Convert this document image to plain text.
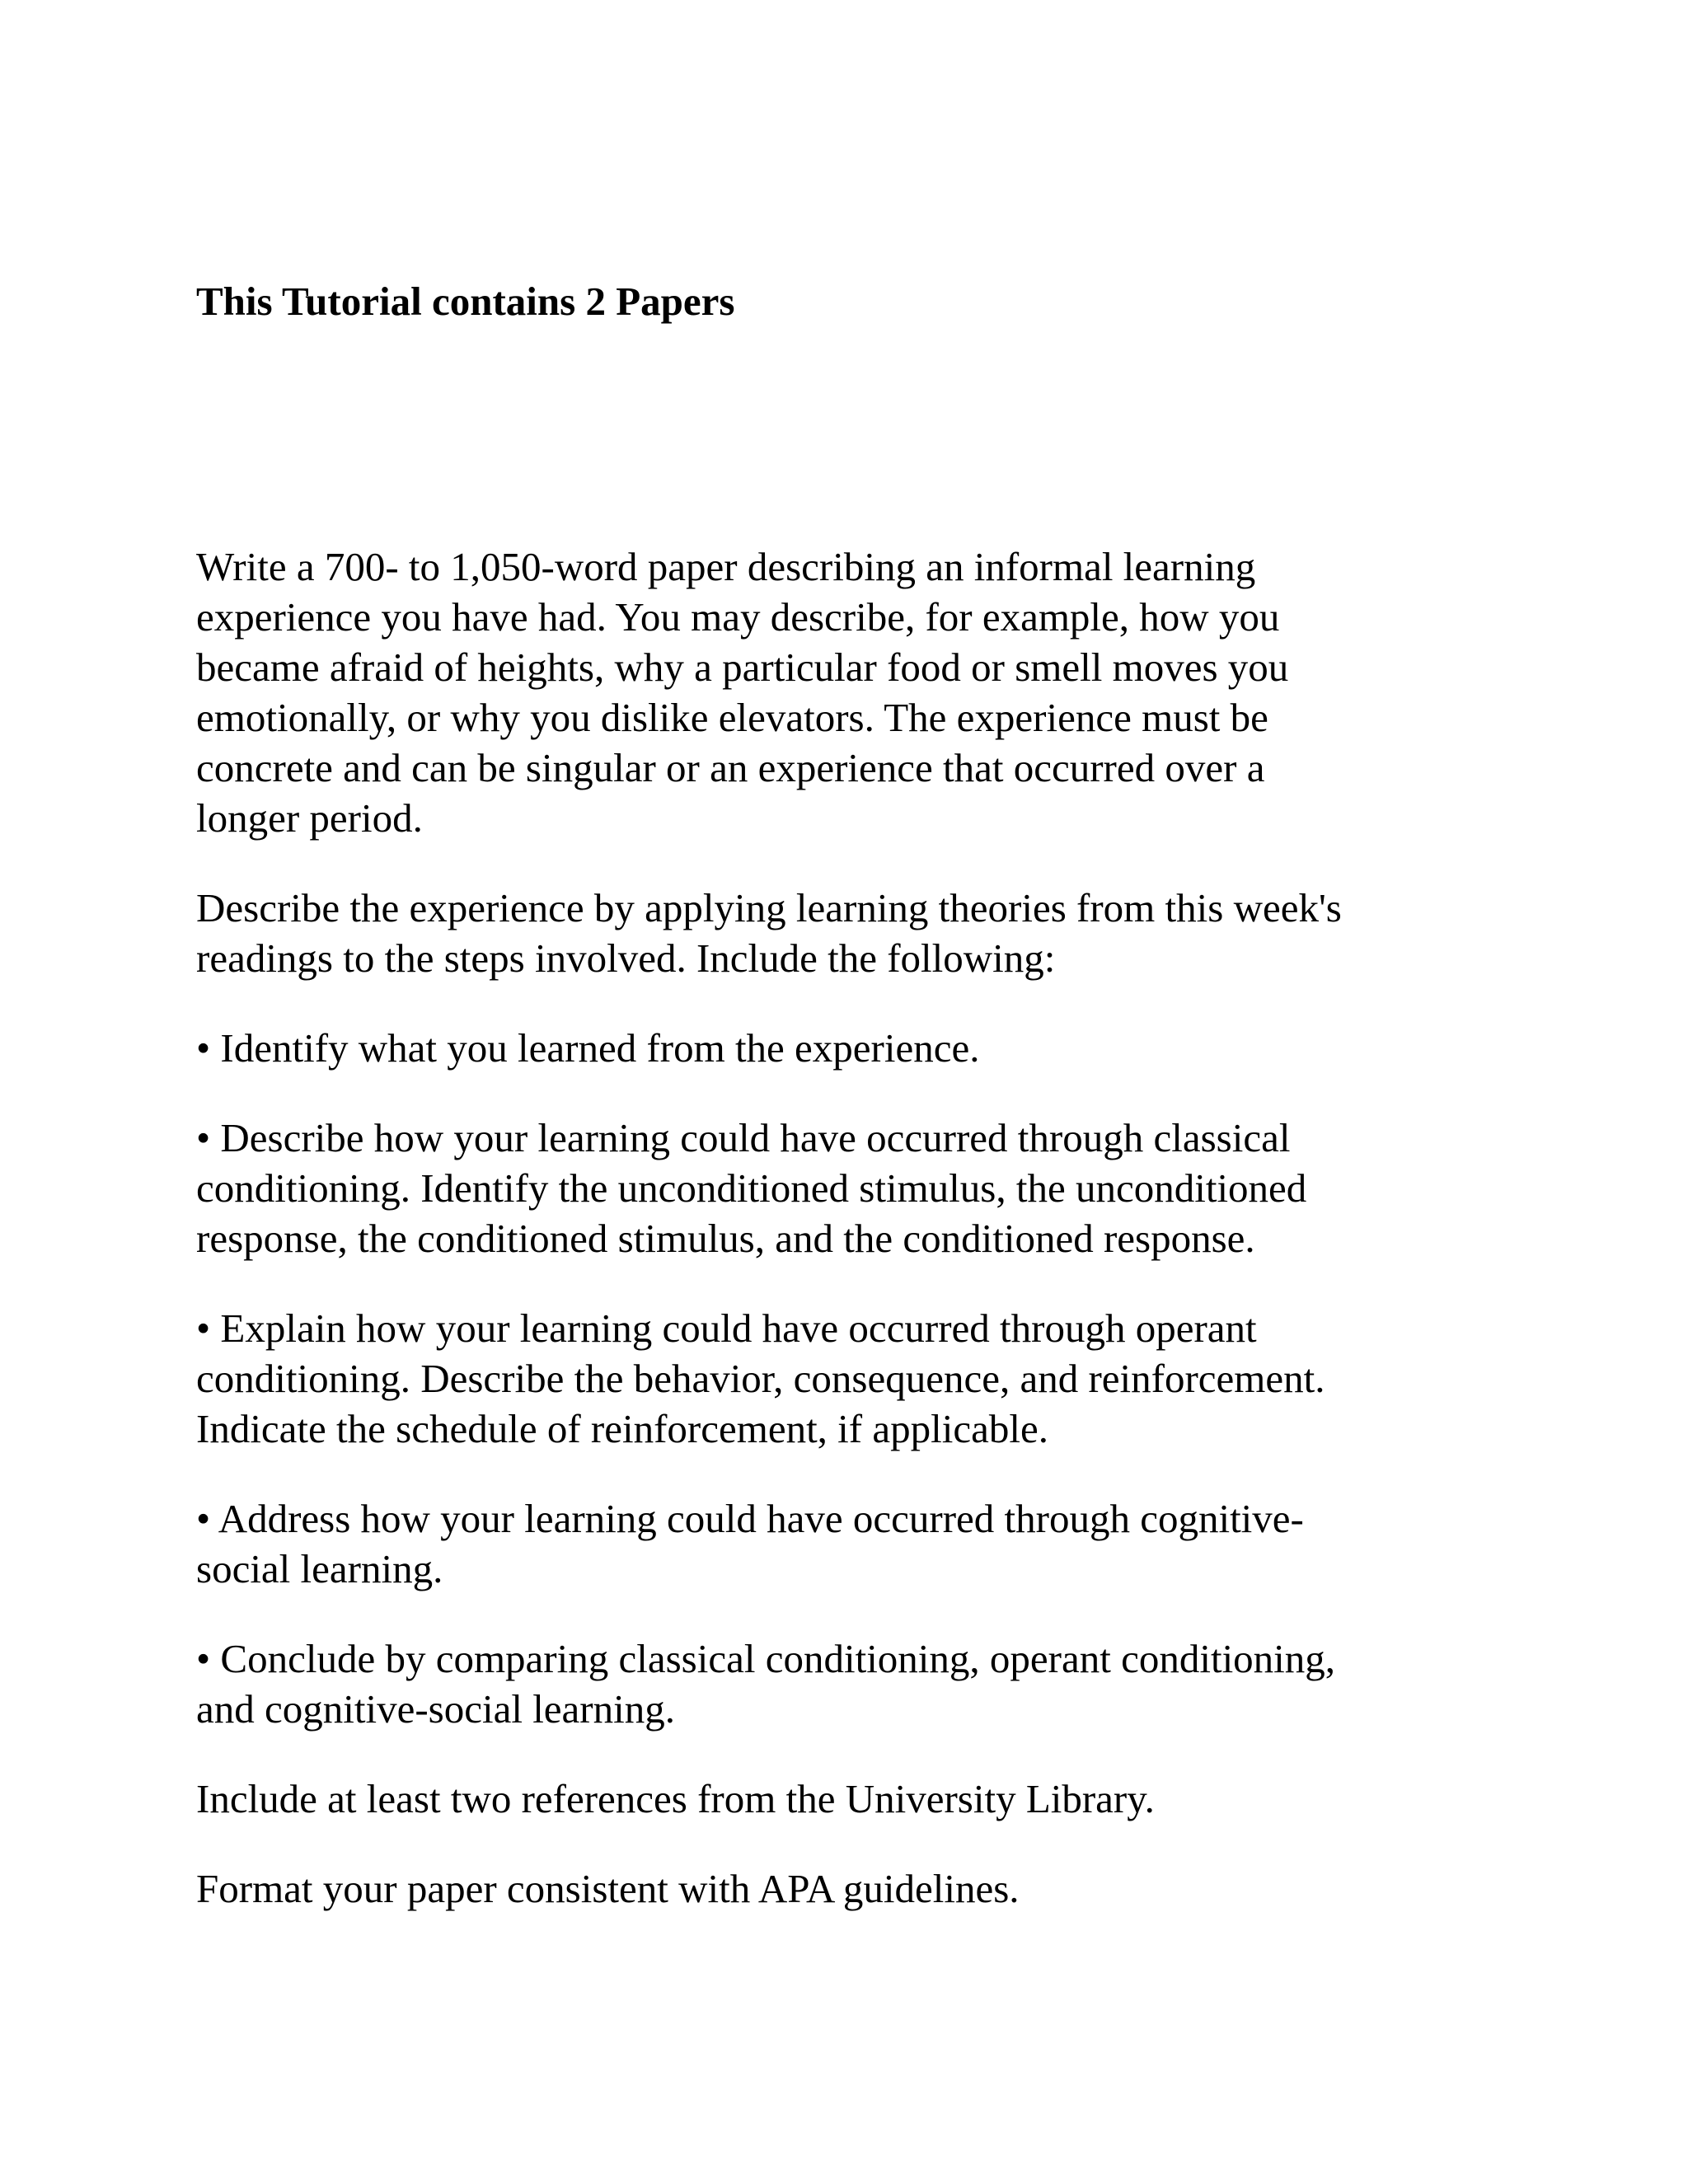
This Tutorial contains 2 Papers

Write a 700- to 1,050-word paper describing an informal learning
experience you have had. You may describe, for example, how you
became afraid of heights, why a particular food or smell moves you
emotionally, or why you dislike elevators. The experience must be
concrete and can be singular or an experience that occurred over a
longer period.

Describe the experience by applying learning theories from this week's
readings to the steps involved. Include the following:

• Identify what you learned from the experience.

• Describe how your learning could have occurred through classical
conditioning. Identify the unconditioned stimulus, the unconditioned
response, the conditioned stimulus, and the conditioned response.

• Explain how your learning could have occurred through operant
conditioning. Describe the behavior, consequence, and reinforcement.
Indicate the schedule of reinforcement, if applicable.

• Address how your learning could have occurred through cognitive-
social learning.

• Conclude by comparing classical conditioning, operant conditioning,
and cognitive-social learning.

Include at least two references from the University Library.

Format your paper consistent with APA guidelines.
